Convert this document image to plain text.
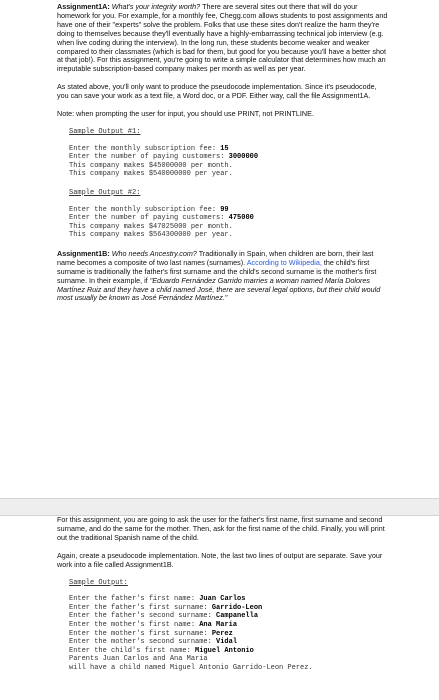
Assignment1A: What's your integrity worth? There are several sites out there that will do your homework for you. For example, for a monthly fee, Chegg.com allows students to post assignments and have one of their "experts" solve the problem. Folks that use these sites don't realize the harm they're doing to themselves because they'll eventually have a highly-embarrassing technical job interview (e.g. when live coding during the interview). In the long run, these students become weaker and weaker compared to their classmates (which is bad for them, but good for you because you'll have a better shot at that job!). For this assignment, you're going to write a simple calculator that determines how much an irreputable subscription-based company makes per month as well as per year.

As stated above, you'll only want to produce the pseudocode implementation. Since it's pseudocode, you can save your work as a text file, a Word doc, or a PDF. Either way, call the file Assignment1A.

Note: when prompting the user for input, you should use PRINT, not PRINTLINE.

Sample Output #1:
Enter the monthly subscription fee: 15
Enter the number of paying customers: 3000000
This company makes $45000000 per month.
This company makes $540000000 per year.
Sample Output #2:
Enter the monthly subscription fee: 99
Enter the number of paying customers: 475000
This company makes $47025000 per month.
This company makes $564300000 per year.

Assignment1B: Who needs Ancestry.com? Traditionally in Spain, when children are born, their last name becomes a composite of two last names (surnames). According to Wikipedia, the child's first surname is traditionally the father's first surname and the child's second surname is the mother's first surname. In their example, if "Eduardo Fernández Garrido marries a woman named María Dolores Martínez Ruiz and they have a child named José, there are several legal options, but their child would most usually be known as José Fernández Martínez."

For this assignment, you are going to ask the user for the father's first name, first surname and second surname, and do the same for the mother. Then, ask for the first name of the child. Finally, you will print out the traditional Spanish name of the child.

Again, create a pseudocode implementation. Note, the last two lines of output are separate. Save your work into a file called Assignment1B.

Sample Output:
Enter the father's first name: Juan Carlos
Enter the father's first surname: Garrido-Leon
Enter the father's second surname: Campanella
Enter the mother's first name: Ana Maria
Enter the mother's first surname: Perez
Enter the mother's second surname: Vidal
Enter the child's first name: Miguel Antonio
Parents Juan Carlos and Ana Maria
will have a child named Miguel Antonio Garrido-Leon Perez.
